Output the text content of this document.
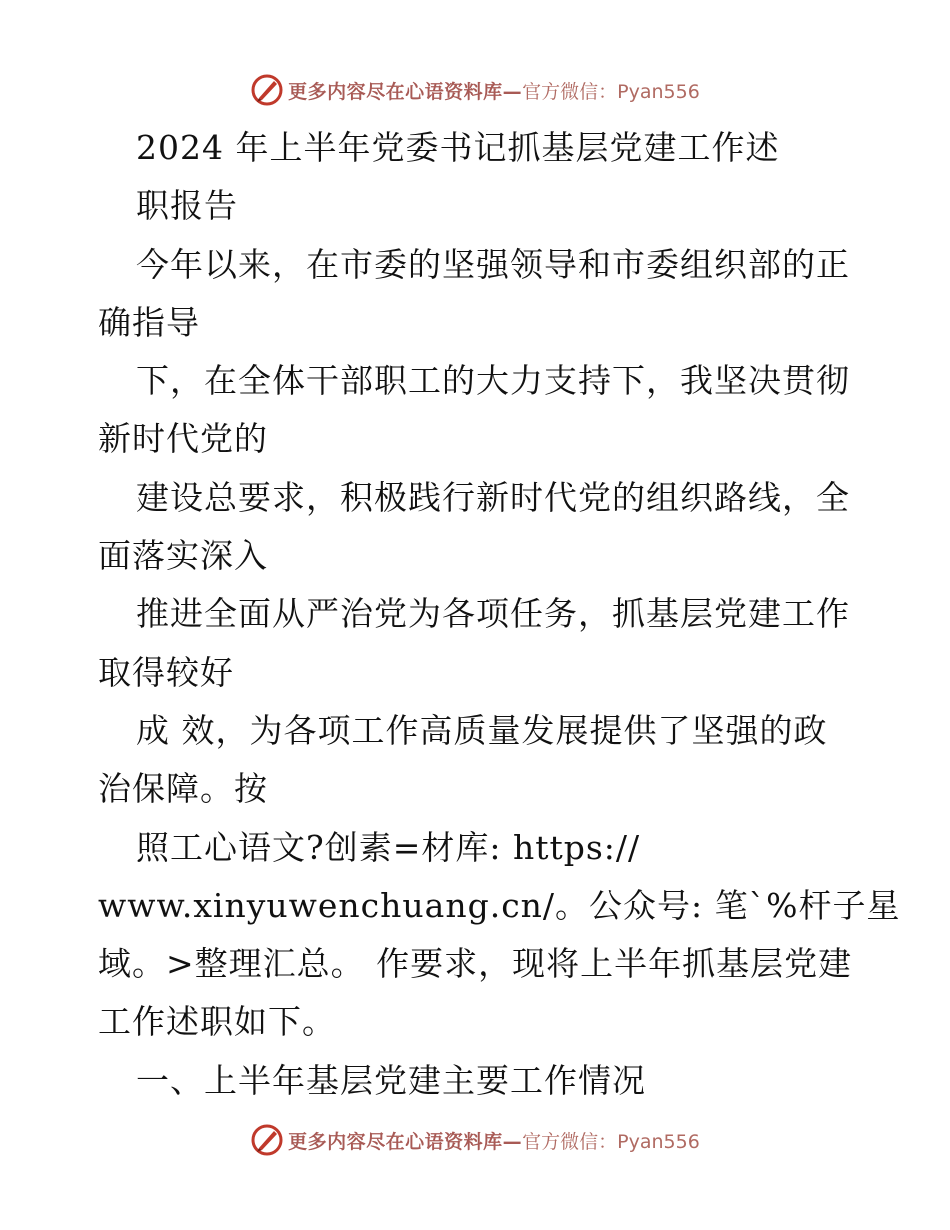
更多内容尽在心语资料库— 官方微信：Pyan556
2024 年上半年党委书记抓基层党建工作述
职报告
今年以来，在市委的坚强领导和市委组织部的正
确指导
下，在全体干部职工的大力支持下，我坚决贯彻
新时代党的
建设总要求，积极践行新时代党的组织路线，全
面落实深入
推进全面从严治党为各项任务，抓基层党建工作
取得较好
成 效，为各项工作高质量发展提供了坚强的政
治保障。按
照工心语文?创素=材库: https://
www.xinyuwenchuang.cn/。公众号: 笔`%杆子星
域。>整理汇总。 作要求，现将上半年抓基层党建
工作述职如下。
一、上半年基层党建主要工作情况
更多内容尽在心语资料库— 官方微信：Pyan556
